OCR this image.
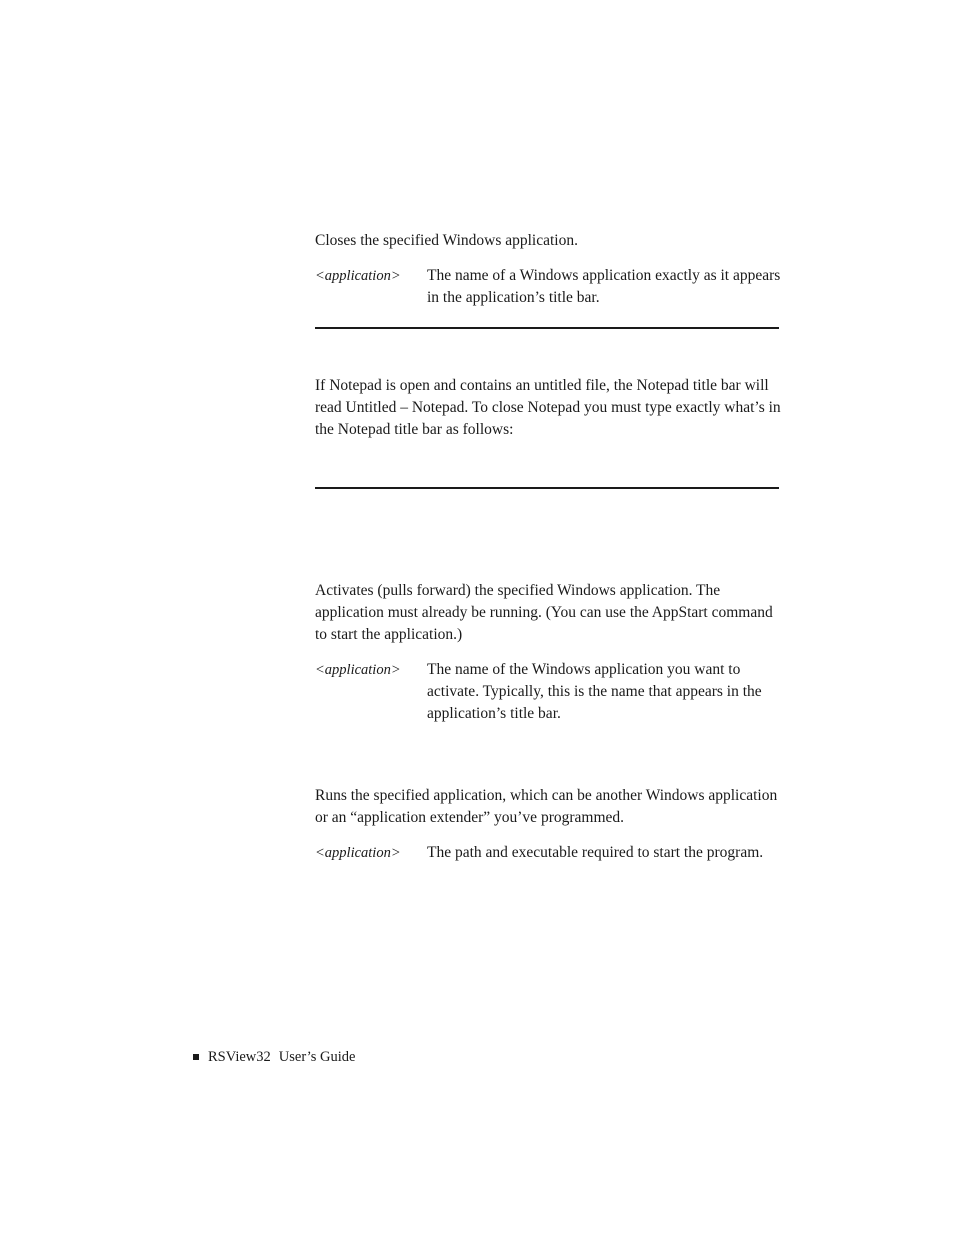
Closes the specified Windows application.

<application> The name of a Windows application exactly as it appears in the application’s title bar.

If Notepad is open and contains an untitled file, the Notepad title bar will read Untitled – Notepad. To close Notepad you must type exactly what’s in the Notepad title bar as follows:

Activates (pulls forward) the specified Windows application. The application must already be running. (You can use the AppStart command to start the application.)

<application> The name of the Windows application you want to activate. Typically, this is the name that appears in the application’s title bar.

Runs the specified application, which can be another Windows application or an “application extender” you’ve programmed.

<application> The path and executable required to start the program.
RSView32 User’s Guide
